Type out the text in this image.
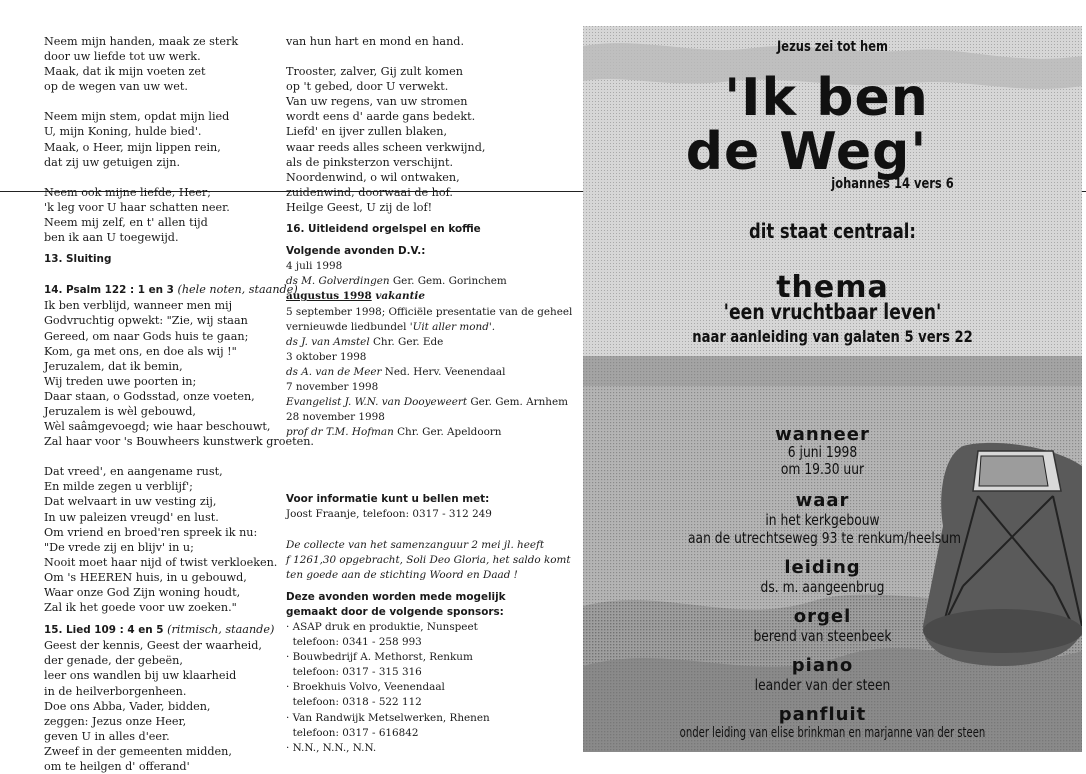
Neem mijn handen, maak ze sterk
door uw liefde tot uw werk.
Maak, dat ik mijn voeten zet
op de wegen van uw wet.
Neem mijn stem, opdat mijn lied
U, mijn Koning, hulde bied'.
Maak, o Heer, mijn lippen rein,
dat zij uw getuigen zijn.
Neem ook mijne liefde, Heer;
'k leg voor U haar schatten neer.
Neem mij zelf, en t' allen tijd
ben ik aan U toegewijd.
13. Sluiting
14. Psalm 122 : 1 en 3 (hele noten, staande)
Ik ben verblijd, wanneer men mij
Godvruchtig opwekt: "Zie, wij staan
Gereed, om naar Gods huis te gaan;
Kom, ga met ons, en doe als wij !"
Jeruzalem, dat ik bemin,
Wij treden uwe poorten in;
Daar staan, o Godsstad, onze voeten,
Jeruzalem is wèl gebouwd,
Wèl saâmgevoegd; wie haar beschouwt,
Zal haar voor 's Bouwheers kunstwerk groeten.
Dat vreed', en aangename rust,
En milde zegen u verblijf';
Dat welvaart in uw vesting zij,
In uw paleizen vreugd' en lust.
Om vriend en broed'ren spreek ik nu:
"De vrede zij en blijv' in u;
Nooit moet haar nijd of twist verkloeken.
Om 's HEEREN huis, in u gebouwd,
Waar onze God Zijn woning houdt,
Zal ik het goede voor uw zoeken."
15. Lied 109 : 4 en 5 (ritmisch, staande)
Geest der kennis, Geest der waarheid,
der genade, der gebeën,
leer ons wandlen bij uw klaarheid
in de heilverborgenheen.
Doe ons Abba, Vader, bidden,
zeggen: Jezus onze Heer,
geven U in alles d'eer.
Zweef in der gemeenten midden,
om te heilgen d' offerand'
van hun hart en mond en hand.
Trooster, zalver, Gij zult komen
op 't gebed, door U verwekt.
Van uw regens, van uw stromen
wordt eens d' aarde gans bedekt.
Liefd' en ijver zullen blaken,
waar reeds alles scheen verkwijnd,
als de pinksterzon verschijnt.
Noordenwind, o wil ontwaken,
zuidenwind, doorwaai de hof.
Heilge Geest, U zij de lof!
16. Uitleidend orgelspel en koffie
Volgende avonden D.V.:
4 juli 1998
ds M. Golverdingen Ger. Gem. Gorinchem
augustus 1998 vakantie
5 september 1998; Officiële presentatie van de geheel
vernieuwde liedbundel 'Uit aller mond'.
ds J. van Amstel Chr. Ger. Ede
3 oktober 1998
ds A. van de Meer Ned. Herv. Veenendaal
7 november 1998
Evangelist J. W.N. van Dooyeweert Ger. Gem. Arnhem
28 november 1998
prof dr T.M. Hofman Chr. Ger. Apeldoorn
Voor informatie kunt u bellen met:
Joost Fraanje, telefoon: 0317 - 312 249
De collecte van het samenzanguur 2 mei jl. heeft
f 1261,30 opgebracht, Soli Deo Gloria, het saldo komt
ten goede aan de stichting Woord en Daad !
Deze avonden worden mede mogelijk
gemaakt door de volgende sponsors:
· ASAP druk en produktie, Nunspeet
telefoon: 0341 - 258 993
· Bouwbedrijf A. Methorst, Renkum
telefoon: 0317 - 315 316
· Broekhuis Volvo, Veenendaal
telefoon: 0318 - 522 112
· Van Randwijk Metselwerken, Rhenen
telefoon: 0317 - 616842
· N.N., N.N., N.N.
Jezus zei tot hem
'Ik ben
de Weg'
johannes 14 vers 6
dit staat centraal:
thema
'een vruchtbaar leven'
naar aanleiding van galaten 5 vers 22
wanneer
6 juni 1998
om 19.30 uur
waar
in het kerkgebouw
aan de utrechtseweg 93 te renkum/heelsum
leiding
ds. m. aangeenbrug
orgel
berend van steenbeek
piano
leander van der steen
panfluit
onder leiding van elise brinkman en marjanne van der steen
